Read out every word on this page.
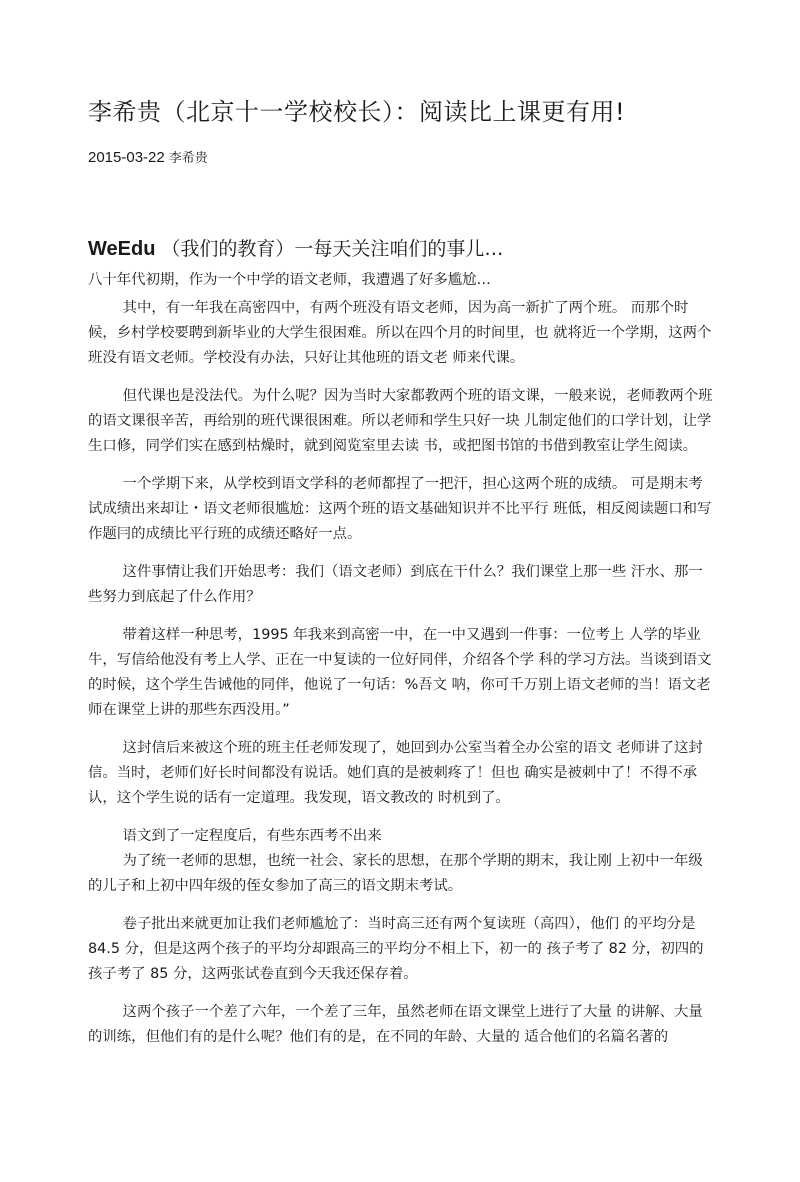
李希贵（北京十一学校校长）：阅读比上课更有用!
2015-03-22 李希贵
WeEdu （我们的教育）一每天关注咱们的事儿…

八十年代初期，作为一个中学的语文老师，我遭遇了好多尴尬…

其中，有一年我在高密四中，有两个班没有语文老师，因为高一新扩了两个班。 而那个时候，乡村学校要聘到新毕业的大学生很困难。所以在四个月的时间里，也 就将近一个学期，这两个班没有语文老师。学校没有办法，只好让其他班的语文老 师来代课。

但代课也是没法代。为什么呢？因为当时大家都教两个班的语文课，一般来说，老师教两个班的语文课很辛苦，再给别的班代课很困难。所以老师和学生只好一块 儿制定他们的口学计划，让学生口修，同学们实在感到枯燥时，就到阅览室里去读 书，或把图书馆的书借到教室让学生阅读。

一个学期下来，从学校到语文学科的老师都捏了一把汗，担心这两个班的成绩。 可是期末考试成绩出来却让・语文老师很尴尬：这两个班的语文基础知识并不比平行 班低，相反阅读题口和写作题冃的成绩比平行班的成绩还略好一点。

这件事情让我们开始思考：我们（语文老师）到底在干什么？我们课堂上那一些 汗水、那一些努力到底起了什么作用？

带着这样一种思考，1995 年我来到高密一中，在一中又遇到一件事：一位考上 人学的毕业牛，写信给他没有考上人学、正在一中复读的一位好同伴，介绍各个学 科的学习方法。当谈到语文的时候，这个学生告诫他的同伴，他说了一句话：%吾文 呐，你可千万别上语文老师的当！语文老师在课堂上讲的那些东西没用。”

这封信后来被这个班的班主任老师发现了，她回到办公室当着全办公室的语文 老师讲了这封信。当时，老师们好长时间都没有说话。她们真的是被刺疼了！但也 确实是被刺中了！不得不承认，这个学生说的话有一定道理。我发现，语文教改的 时机到了。

语文到了一定程度后，有些东西考不出来

为了统一老师的思想，也统一社会、家长的思想，在那个学期的期末，我让刚 上初中一年级的儿子和上初中四年级的侄女参加了高三的语文期末考试。

卷子批出来就更加让我们老师尴尬了：当时高三还有两个复读班（高四），他们 的平均分是 84.5 分，但是这两个孩子的平均分却跟高三的平均分不相上下，初一的 孩子考了 82 分，初四的孩子考了 85 分，这两张试卷直到今天我还保存着。

这两个孩子一个差了六年，一个差了三年，虽然老师在语文课堂上进行了大量 的讲解、大量的训练，但他们有的是什么呢？他们有的是，在不同的年龄、大量的 适合他们的名篇名著的
